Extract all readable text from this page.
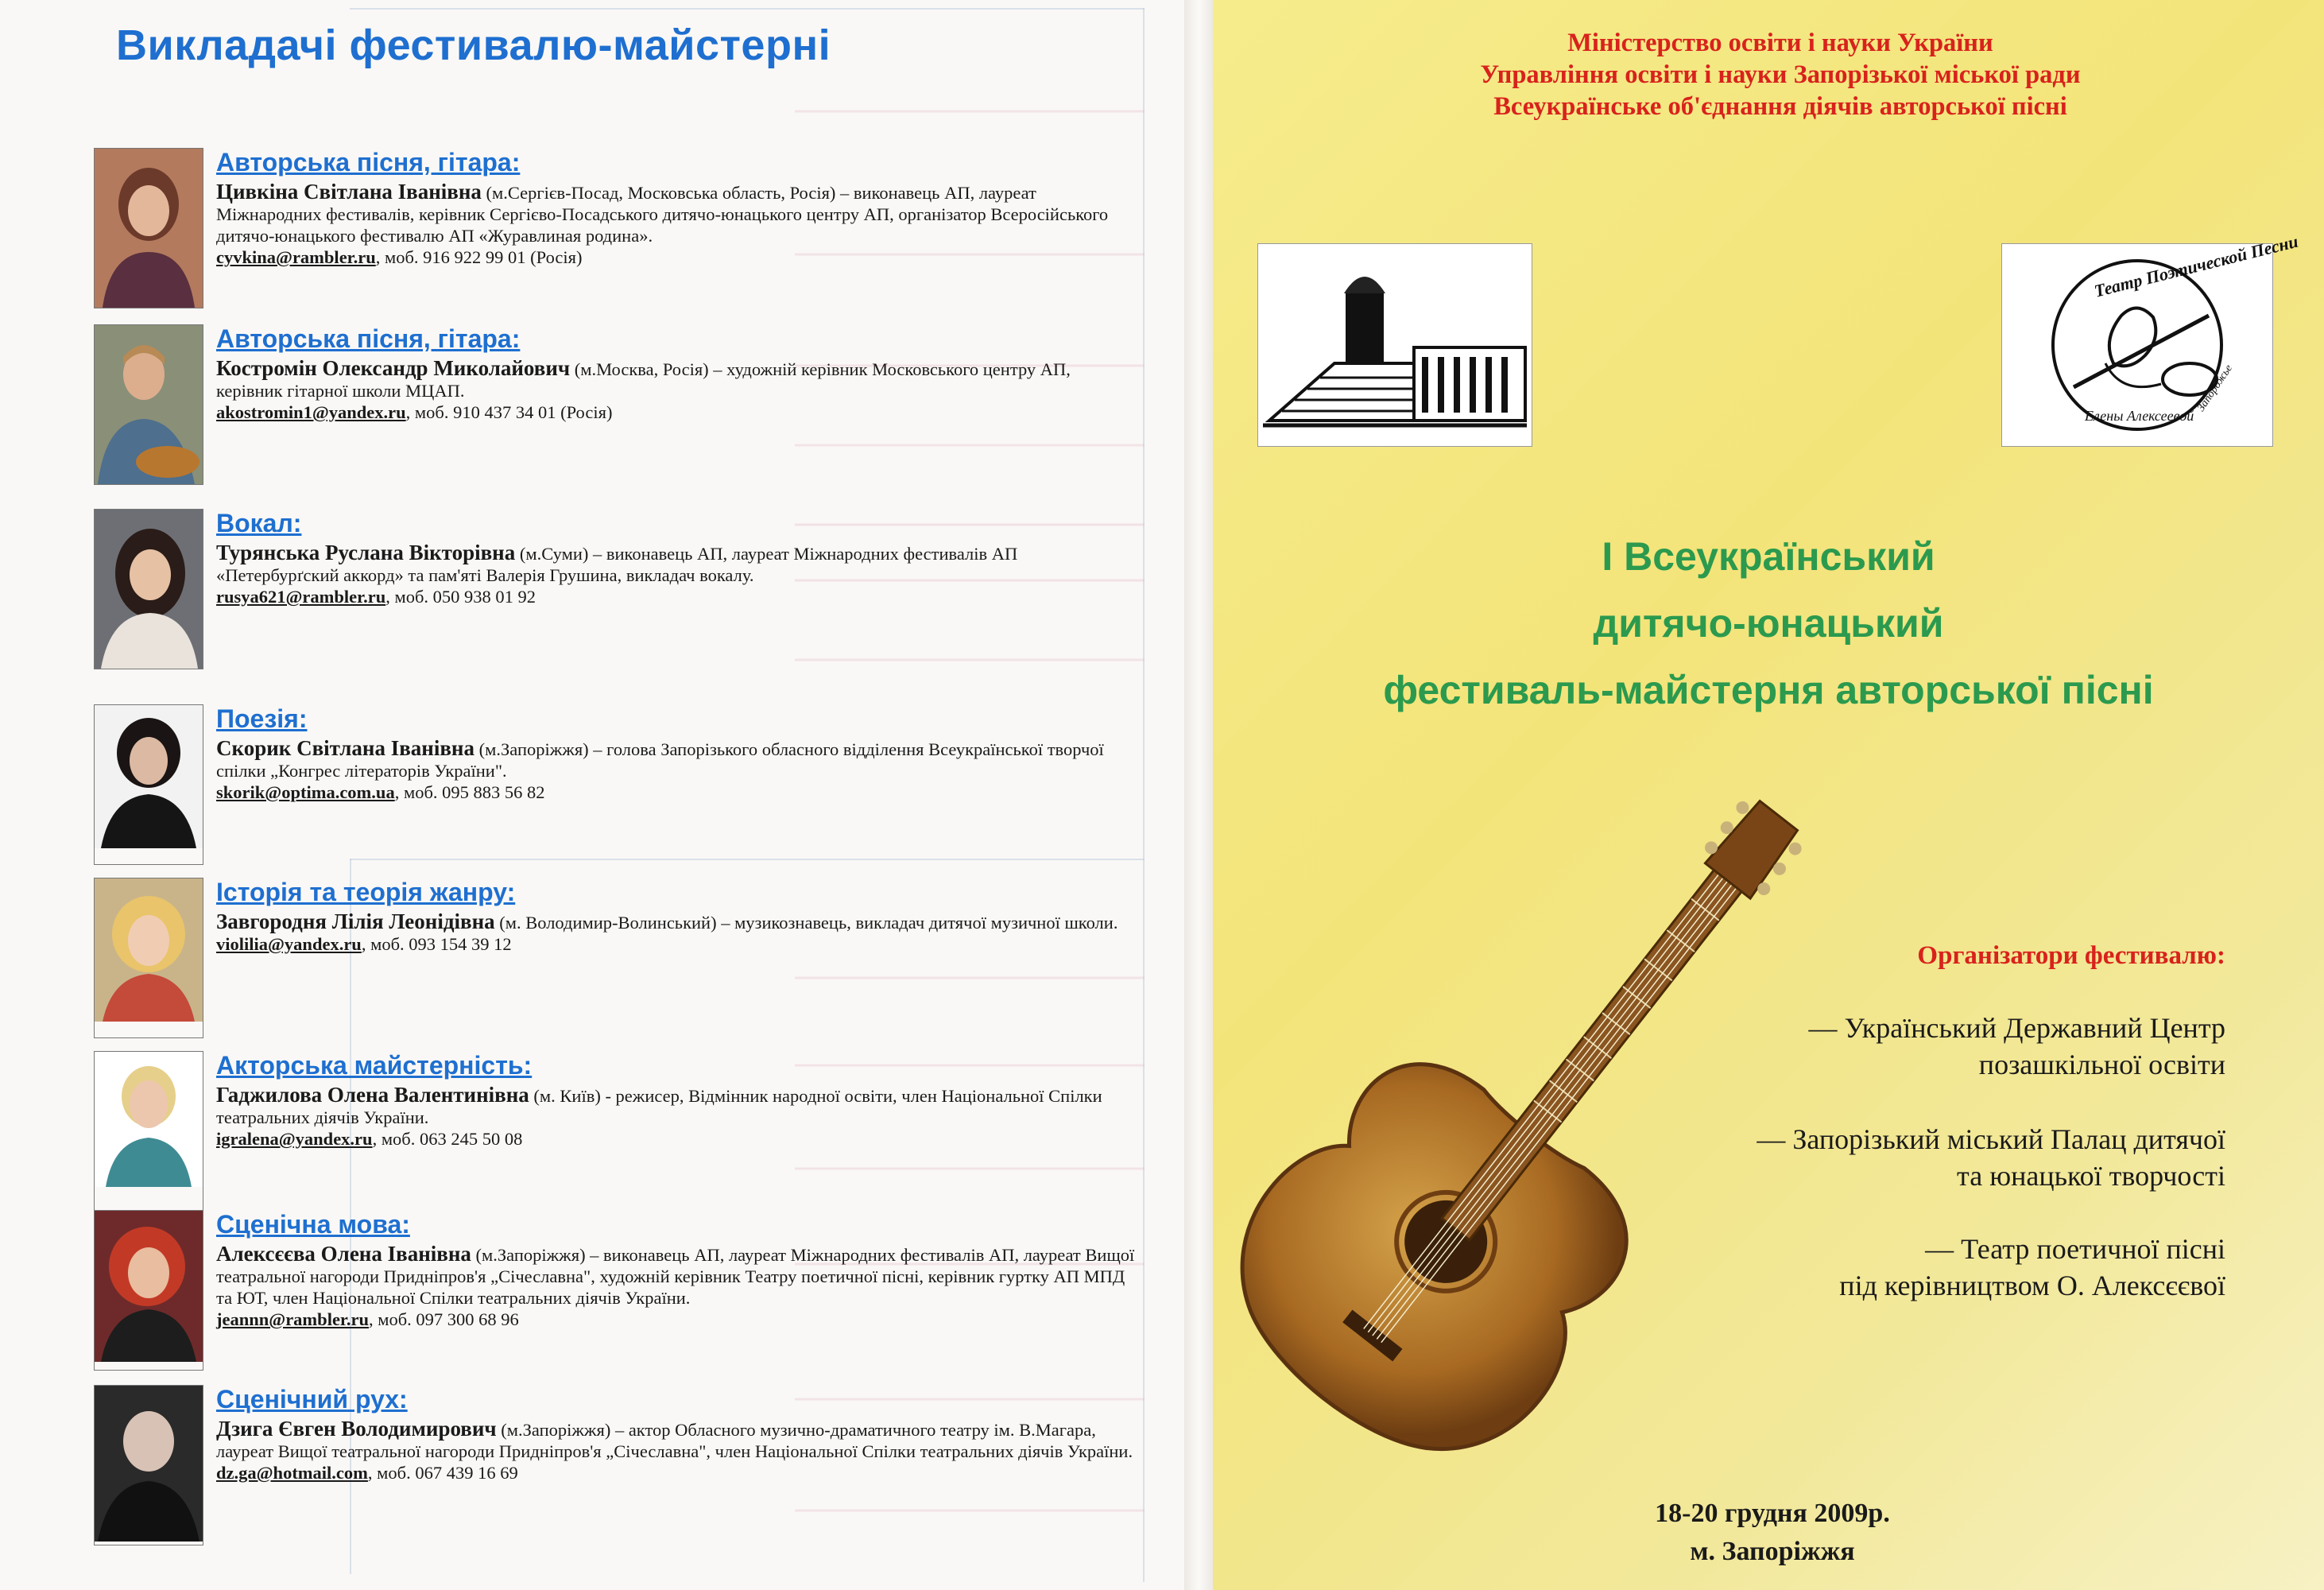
Викладачі фестивалю-майстерні

Авторська пісня, гітара:

Цивкіна Світлана Іванівна (м.Сергієв-Посад, Московська область, Росія) – виконавець АП, лауреат Міжнародних фестивалів, керівник Сергієво-Посадського дитячо-юнацького центру АП, організатор Всеросійського дитячо-юнацького фестивалю АП «Журавлиная родина».

cyvkina@rambler.ru, моб. 916 922 99 01 (Росія)

Авторська пісня, гітара:

Костромін Олександр Миколайович (м.Москва, Росія) – художній керівник Московського центру АП, керівник гітарної школи МЦАП.

akostromin1@yandex.ru, моб. 910 437 34 01 (Росія)

Вокал:

Турянська Руслана Вікторівна (м.Суми) – виконавець АП, лауреат Міжнародних фестивалів АП «Петербурґский аккорд» та пам'яті Валерія Грушина, викладач вокалу.

rusya621@rambler.ru, моб. 050 938 01 92

Поезія:

Скорик Світлана Іванівна (м.Запоріжжя) – голова Запорізького обласного відділення Всеукраїнської творчої спілки „Конгрес літераторів України".

skorik@optima.com.ua, моб. 095 883 56 82

Історія та теорія жанру:

Завгородня Лілія Леонідівна (м. Володимир-Волинський) – музикознавець, викладач дитячої музичної школи.

violilia@yandex.ru, моб. 093 154 39 12

Акторська майстерність:

Гаджилова Олена Валентинівна (м. Київ) - режисер, Відмінник народної освіти, член Національної Спілки театральних діячів України.

igralena@yandex.ru, моб. 063 245 50 08

Сценічна мова:

Алексєєва Олена Іванівна (м.Запоріжжя) – виконавець АП, лауреат Міжнародних фестивалів АП, лауреат Вищої театральної нагороди Придніпров'я „Січеславна", художній керівник Театру поетичної пісні, керівник гуртку АП МПД та ЮТ, член Національної Спілки театральних діячів України.

jeannn@rambler.ru, моб. 097 300 68 96

Сценічний рух:

Дзига Євген Володимирович (м.Запоріжжя) – актор Обласного музично-драматичного театру ім. В.Магара, лауреат Вищої театральної нагороди Придніпров'я „Січеславна", член Національної Спілки театральних діячів України.

dz.ga@hotmail.com, моб. 067 439 16 69

Міністерство освіти і науки України
Управління освіти і науки Запорізької міської ради
Всеукраїнське об'єднання діячів авторської пісні
Театр Поэтической Песни
Елены Алексеевой
Запорожье
І Всеукраїнський
дитячо-юнацький
фестиваль-майстерня авторської пісні
Організатори фестивалю:
— Український Державний Центр
позашкільної освіти
— Запорізький міський Палац дитячої
та юнацької творчості
— Театр поетичної пісні
під керівництвом О. Алексєєвої
18-20 грудня 2009р.
м. Запоріжжя
